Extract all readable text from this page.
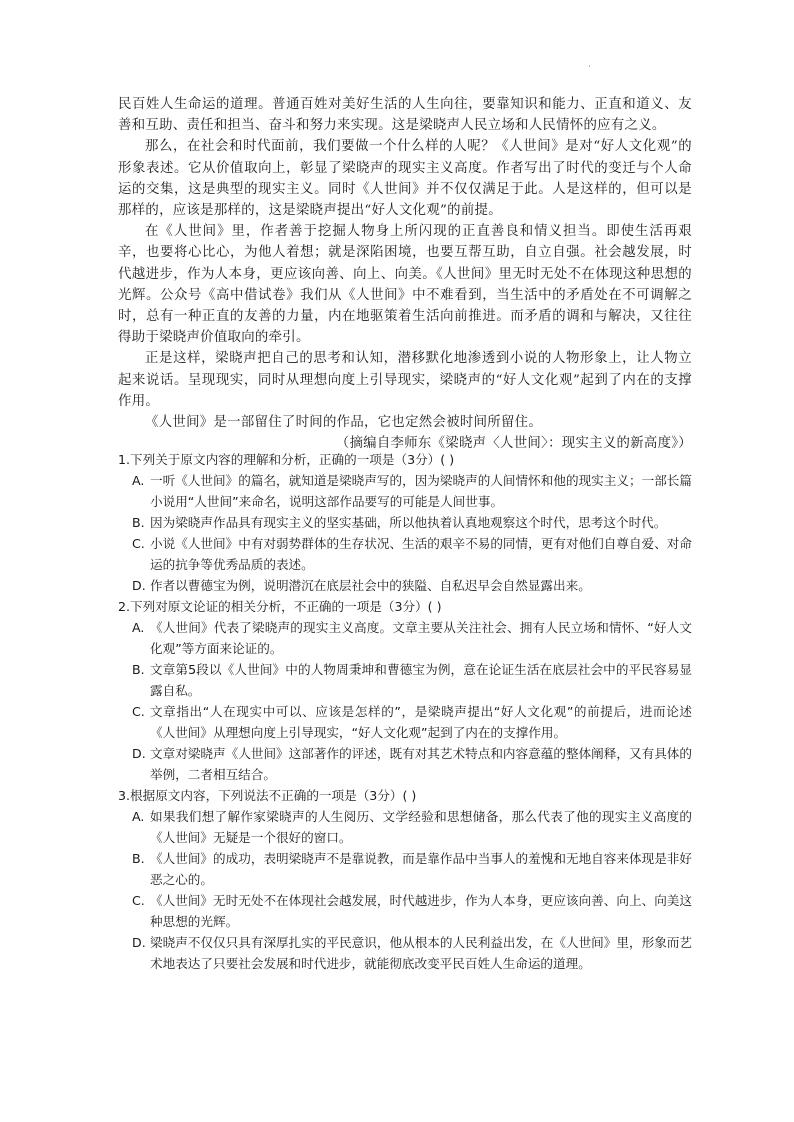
·

民百姓人生命运的道理。普通百姓对美好生活的人生向往，要靠知识和能力、正直和道义、友善和互助、责任和担当、奋斗和努力来实现。这是梁晓声人民立场和人民情怀的应有之义。

那么，在社会和时代面前，我们要做一个什么样的人呢？《人世间》是对“好人文化观”的形象表述。它从价值取向上，彰显了梁晓声的现实主义高度。作者写出了时代的变迁与个人命运的交集，这是典型的现实主义。同时《人世间》并不仅仅满足于此。人是这样的，但可以是那样的，应该是那样的，这是梁晓声提出“好人文化观”的前提。

在《人世间》里，作者善于挖掘人物身上所闪现的正直善良和情义担当。即使生活再艰辛，也要将心比心，为他人着想；就是深陷困境，也要互帮互助，自立自强。社会越发展，时代越进步，作为人本身，更应该向善、向上、向美。《人世间》里无时无处不在体现这种思想的光辉。公众号《高中借试卷》我们从《人世间》中不难看到，当生活中的矛盾处在不可调解之时，总有一种正直的友善的力量，内在地驱策着生活向前推进。而矛盾的调和与解决，又往往得助于梁晓声价值取向的牵引。

正是这样，梁晓声把自己的思考和认知，潜移默化地渗透到小说的人物形象上，让人物立起来说话。呈现现实，同时从理想向度上引导现实，梁晓声的“好人文化观”起到了内在的支撑作用。

《人世间》是一部留住了时间的作品，它也定然会被时间所留住。

（摘编自李师东《梁晓声〈人世间〉：现实主义的新高度》）

1.下列关于原文内容的理解和分析，正确的一项是（3分）( )

A. 一听《人世间》的篇名，就知道是梁晓声写的，因为梁晓声的人间情怀和他的现实主义；一部长篇小说用“人世间”来命名，说明这部作品要写的可能是人间世事。
B. 因为梁晓声作品具有现实主义的坚实基础，所以他执着认真地观察这个时代，思考这个时代。
C. 小说《人世间》中有对弱势群体的生存状况、生活的艰辛不易的同情，更有对他们自尊自爱、对命运的抗争等优秀品质的表述。
D. 作者以曹德宝为例，说明潜沉在底层社会中的狭隘、自私迟早会自然显露出来。

2.下列对原文论证的相关分析，不正确的一项是（3分）( )

A. 《人世间》代表了梁晓声的现实主义高度。文章主要从关注社会、拥有人民立场和情怀、“好人文化观”等方面来论证的。
B. 文章第5段以《人世间》中的人物周秉坤和曹德宝为例，意在论证生活在底层社会中的平民容易显露自私。
C. 文章指出“人在现实中可以、应该是怎样的”，是梁晓声提出“好人文化观”的前提后，进而论述《人世间》从理想向度上引导现实，“好人文化观”起到了内在的支撑作用。
D. 文章对梁晓声《人世间》这部著作的评述，既有对其艺术特点和内容意蕴的整体阐释，又有具体的举例，二者相互结合。

3.根据原文内容，下列说法不正确的一项是（3分）( )

A. 如果我们想了解作家梁晓声的人生阅历、文学经验和思想储备，那么代表了他的现实主义高度的《人世间》无疑是一个很好的窗口。
B. 《人世间》的成功，表明梁晓声不是靠说教，而是靠作品中当事人的羞愧和无地自容来体现是非好恶之心的。
C. 《人世间》无时无处不在体现社会越发展，时代越进步，作为人本身，更应该向善、向上、向美这种思想的光辉。
D. 梁晓声不仅仅只具有深厚扎实的平民意识，他从根本的人民利益出发，在《人世间》里，形象而艺术地表达了只要社会发展和时代进步，就能彻底改变平民百姓人生命运的道理。
